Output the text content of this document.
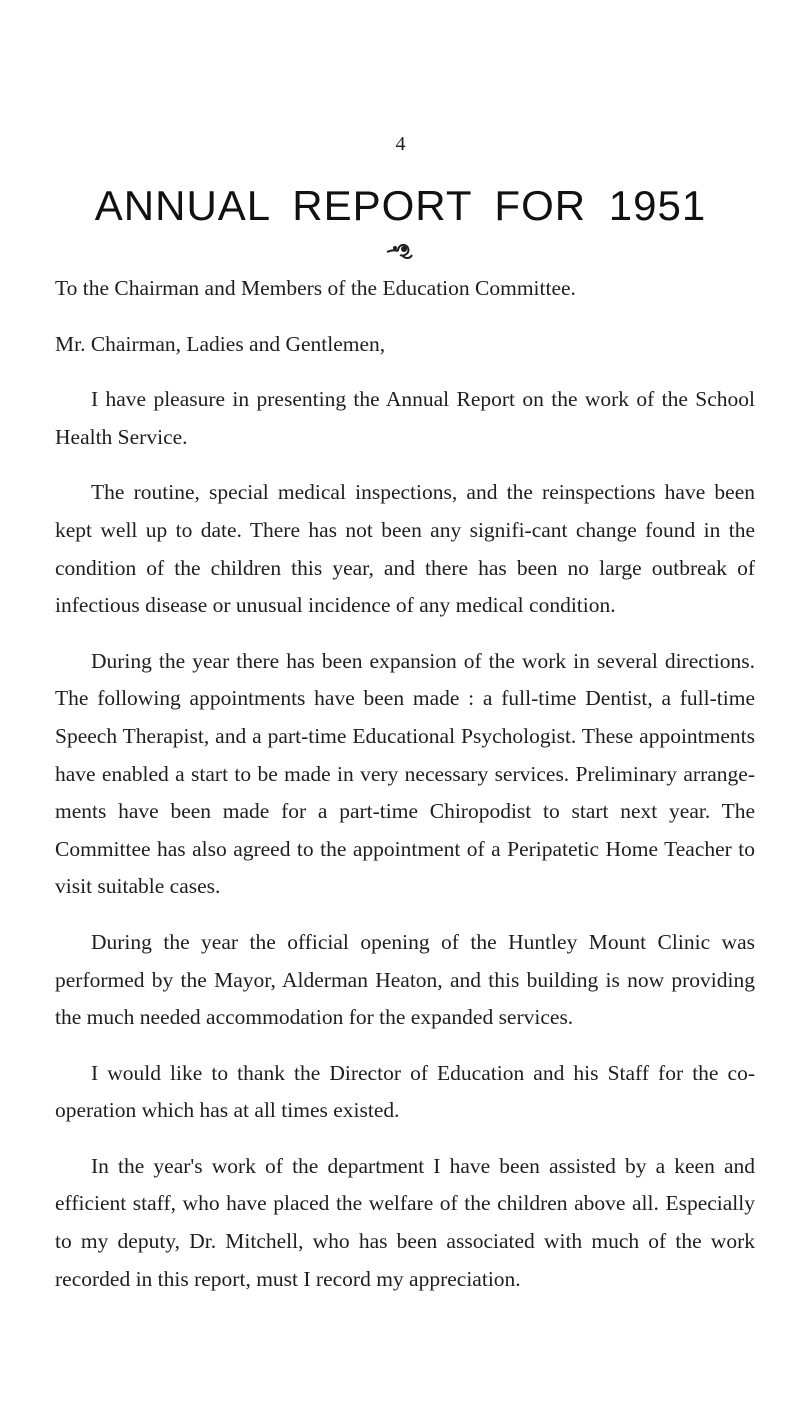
4
ANNUAL REPORT FOR 1951

To the Chairman and Members of the Education Committee.

Mr. Chairman, Ladies and Gentlemen,

I have pleasure in presenting the Annual Report on the work of the School Health Service.

The routine, special medical inspections, and the reinspections have been kept well up to date. There has not been any signifi-cant change found in the condition of the children this year, and there has been no large outbreak of infectious disease or unusual incidence of any medical condition.

During the year there has been expansion of the work in several directions. The following appointments have been made : a full-time Dentist, a full-time Speech Therapist, and a part-time Educational Psychologist. These appointments have enabled a start to be made in very necessary services. Preliminary arrange-ments have been made for a part-time Chiropodist to start next year. The Committee has also agreed to the appointment of a Peripatetic Home Teacher to visit suitable cases.

During the year the official opening of the Huntley Mount Clinic was performed by the Mayor, Alderman Heaton, and this building is now providing the much needed accommodation for the expanded services.

I would like to thank the Director of Education and his Staff for the co-operation which has at all times existed.

In the year's work of the department I have been assisted by a keen and efficient staff, who have placed the welfare of the children above all. Especially to my deputy, Dr. Mitchell, who has been associated with much of the work recorded in this report, must I record my appreciation.
